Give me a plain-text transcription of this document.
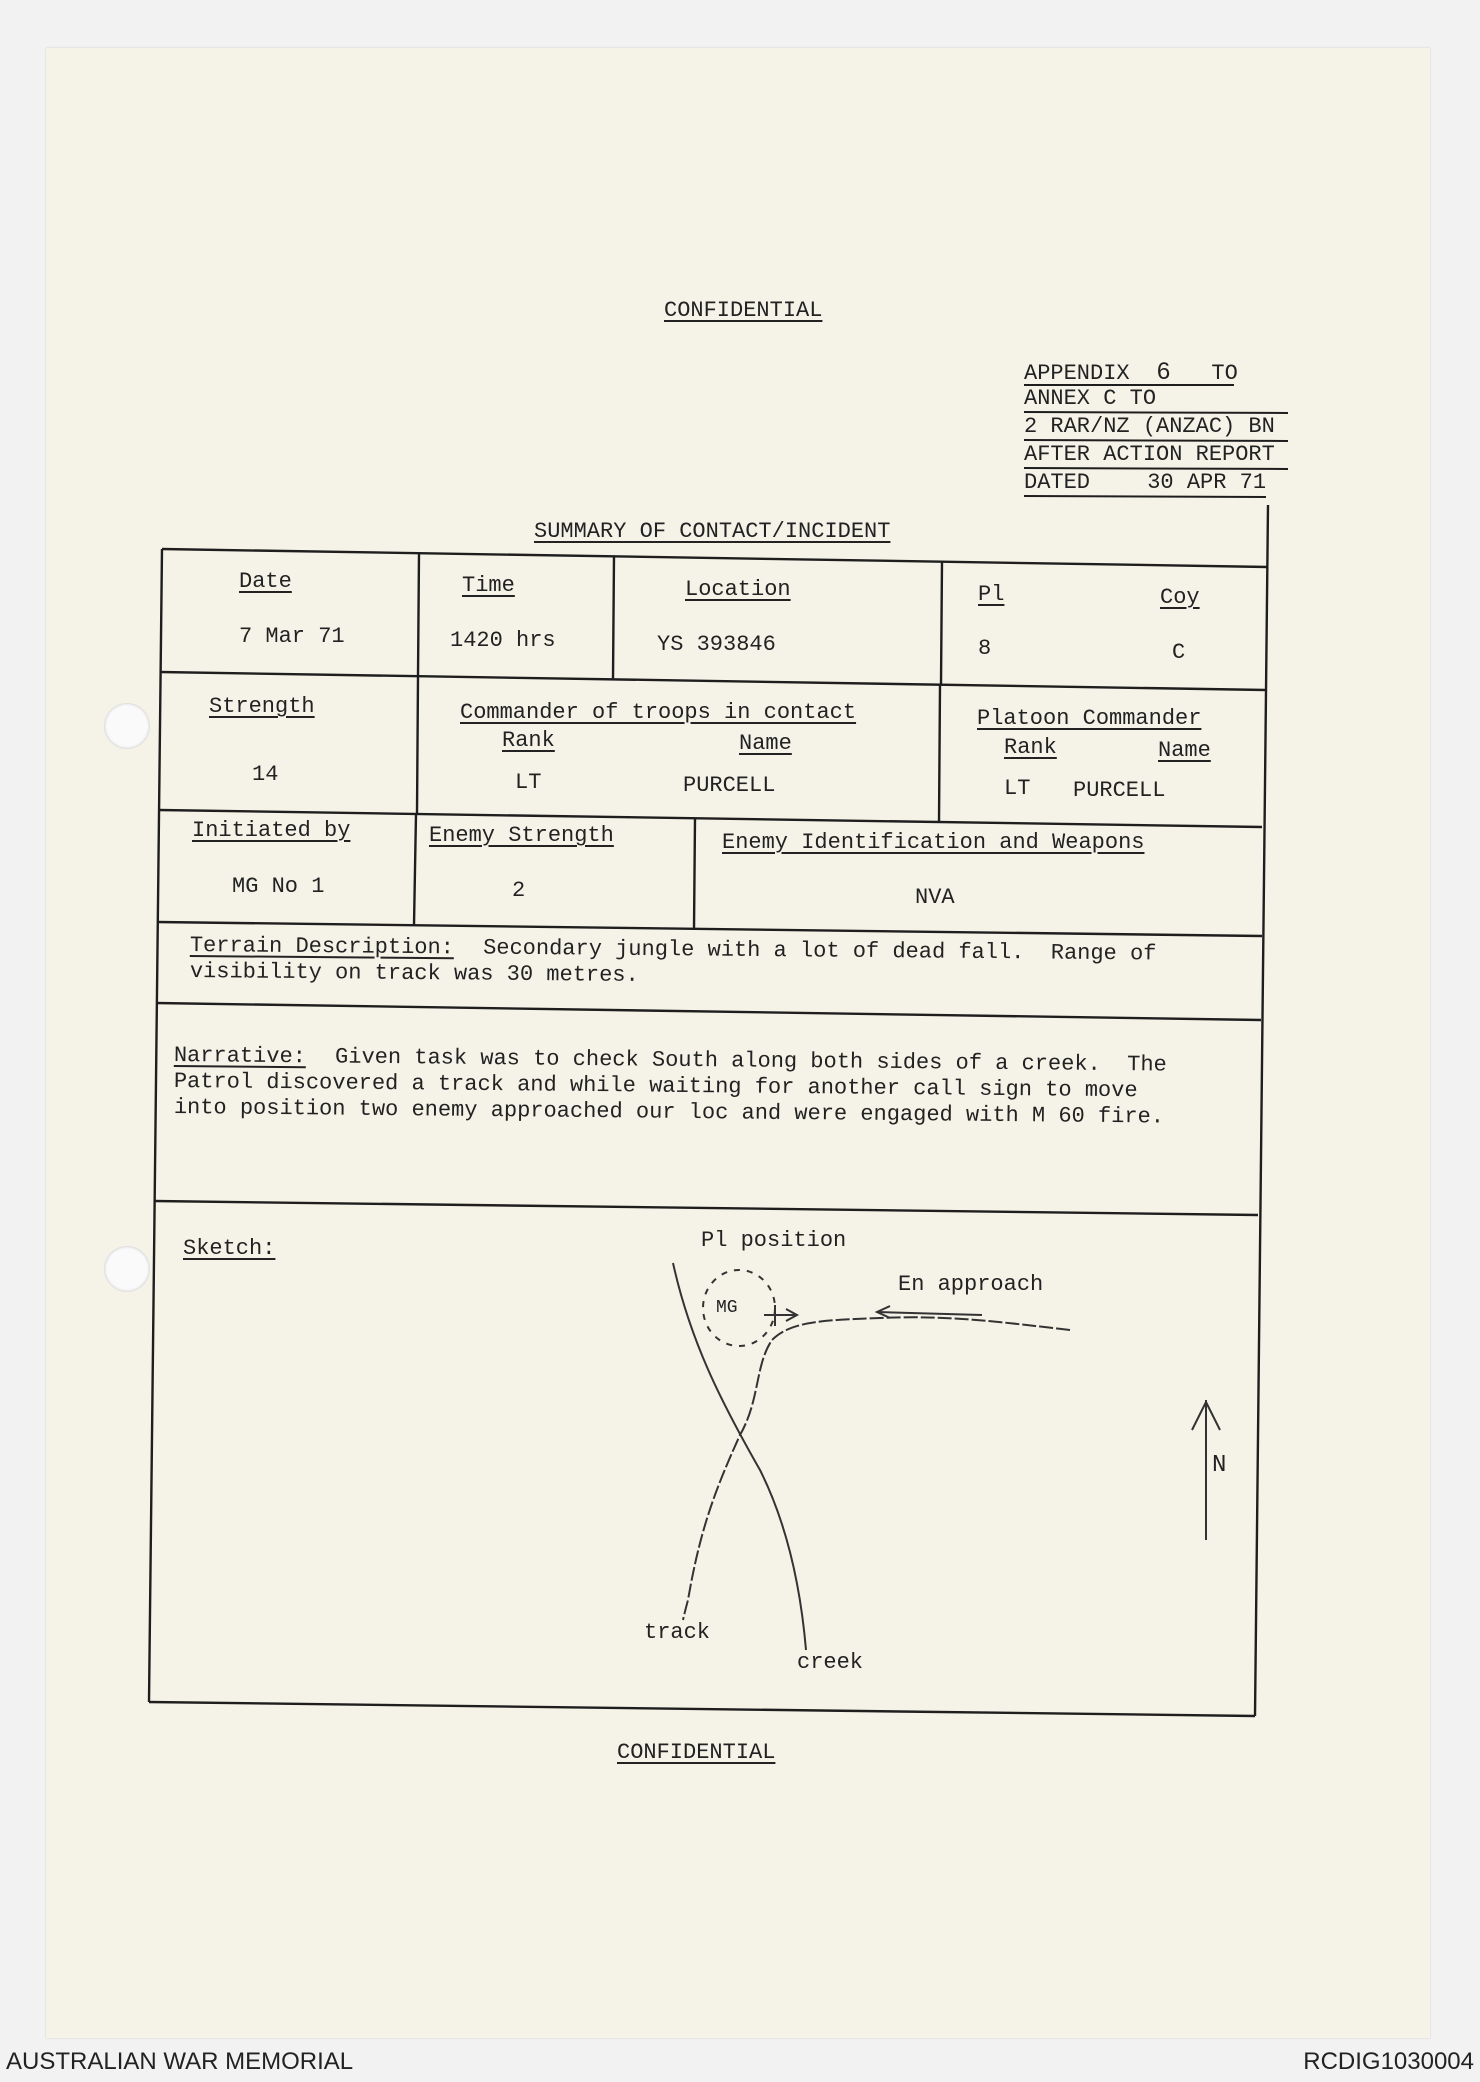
CONFIDENTIAL
APPENDIX 6 TO
ANNEX C TO
2 RAR/NZ (ANZAC) BN
AFTER ACTION REPORT
DATED	30 APR 71
SUMMARY OF CONTACT/INCIDENT
Date
7 Mar 71
Time
1420 hrs
Location
YS 393846
Pl
8
Coy
C
Strength
14
Commander of troops in contact
Rank	Name
LT	PURCELL
Platoon Commander
Rank	Name
LT PURCELL
Initiated by
MG No 1
Enemy Strength
2
Enemy Identification and Weapons
NVA
Terrain Description: Secondary jungle with a lot of dead fall.  Range of
visibility on track was 30 metres.
Narrative: Given task was to check South along both sides of a creek.  The
Patrol discovered a track and while waiting for another call sign to move
into position two enemy approached our loc and were engaged with M 60 fire.
Sketch:	Pl position
MG
En approach
N
track
creek
CONFIDENTIAL
AUSTRALIAN WAR MEMORIAL	RCDIG1030004
